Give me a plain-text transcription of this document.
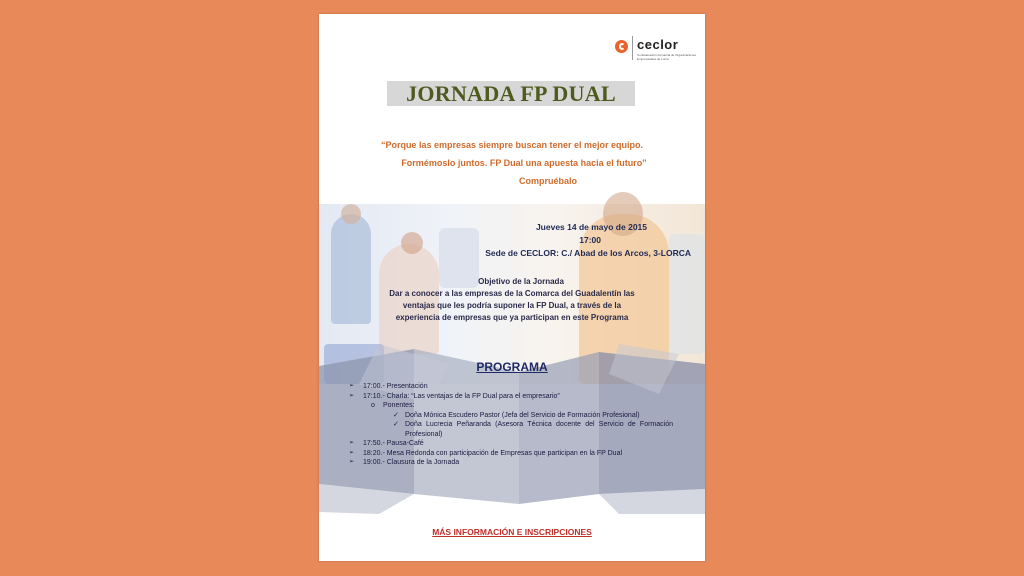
ceclor
Confederación Comarcal de Organizaciones Empresariales de Lorca
JORNADA FP DUAL
“Porque las empresas siempre buscan tener el mejor equipo.
Formémoslo juntos. FP Dual una apuesta hacia el futuro”
Compruébalo
Jueves 14 de mayo de 2015
17:00
Sede de CECLOR: C./ Abad de los Arcos, 3-LORCA
Objetivo de la Jornada
Dar a conocer a las empresas de la Comarca del Guadalentín las
ventajas que les podría suponer la FP Dual, a través de la
experiencia de empresas que ya participan en este Programa
PROGRAMA
➢ 17:00.- Presentación
➢ 17:10.- Charla: “Las ventajas de la FP Dual para el empresario”
o Ponentes:
✓ Doña Mónica Escudero Pastor (Jefa del Servicio de Formación Profesional)
✓ Doña Lucrecia Peñaranda (Asesora Técnica docente del Servicio de Formación Profesional)
➢ 17:50.- Pausa-Café
➢ 18:20.- Mesa Redonda con participación de Empresas que participan en la FP Dual
➢ 19:00.- Clausura de la Jornada
MÁS INFORMACIÓN E INSCRIPCIONES
